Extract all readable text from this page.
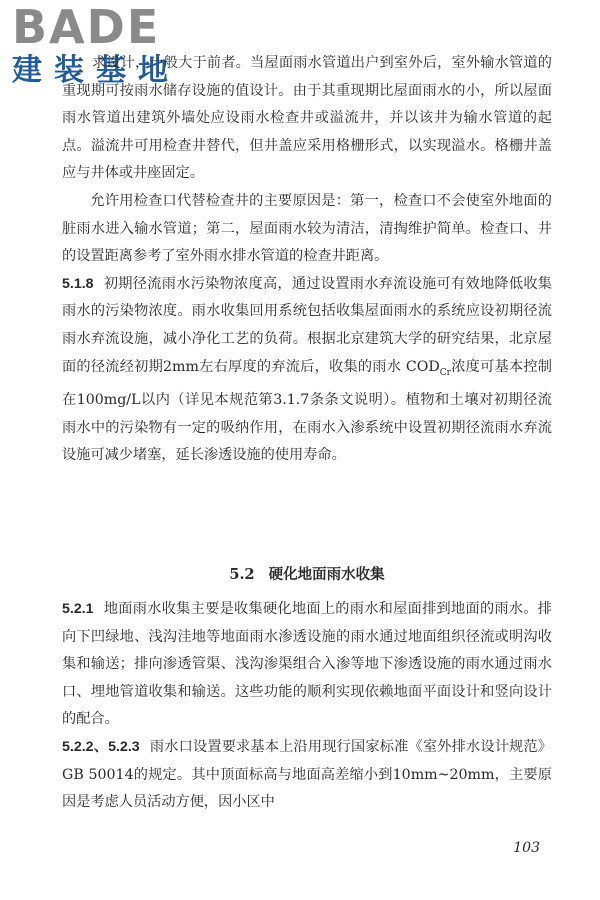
BADE
建装基地

求设计，一般大于前者。当屋面雨水管道出户到室外后，室外输水管道的重现期可按雨水储存设施的值设计。由于其重现期比屋面雨水的小，所以屋面雨水管道出建筑外墙处应设雨水检查井或溢流井，并以该井为输水管道的起点。溢流井可用检查井替代，但井盖应采用格栅形式，以实现溢水。格栅井盖应与井体或井座固定。

允许用检查口代替检查井的主要原因是：第一，检查口不会使室外地面的脏雨水进入输水管道；第二，屋面雨水较为清洁，清掏维护简单。检查口、井的设置距离参考了室外雨水排水管道的检查井距离。

5.1.8 初期径流雨水污染物浓度高，通过设置雨水弃流设施可有效地降低收集雨水的污染物浓度。雨水收集回用系统包括收集屋面雨水的系统应设初期径流雨水弃流设施，减小净化工艺的负荷。根据北京建筑大学的研究结果，北京屋面的径流经初期2mm左右厚度的弃流后，收集的雨水 $COD_{Cr}$浓度可基本控制在100mg/L以内（详见本规范第3.1.7条条文说明）。植物和土壤对初期径流雨水中的污染物有一定的吸纳作用，在雨水入渗系统中设置初期径流雨水弃流设施可减少堵塞，延长渗透设施的使用寿命。

5.2 硬化地面雨水收集

5.2.1 地面雨水收集主要是收集硬化地面上的雨水和屋面排到地面的雨水。排向下凹绿地、浅沟洼地等地面雨水渗透设施的雨水通过地面组织径流或明沟收集和输送；排向渗透管渠、浅沟渗渠组合入渗等地下渗透设施的雨水通过雨水口、埋地管道收集和输送。这些功能的顺利实现依赖地面平面设计和竖向设计的配合。

5.2.2、5.2.3 雨水口设置要求基本上沿用现行国家标准《室外排水设计规范》GB 50014的规定。其中顶面标高与地面高差缩小到10mm~20mm，主要原因是考虑人员活动方便，因小区中

103
